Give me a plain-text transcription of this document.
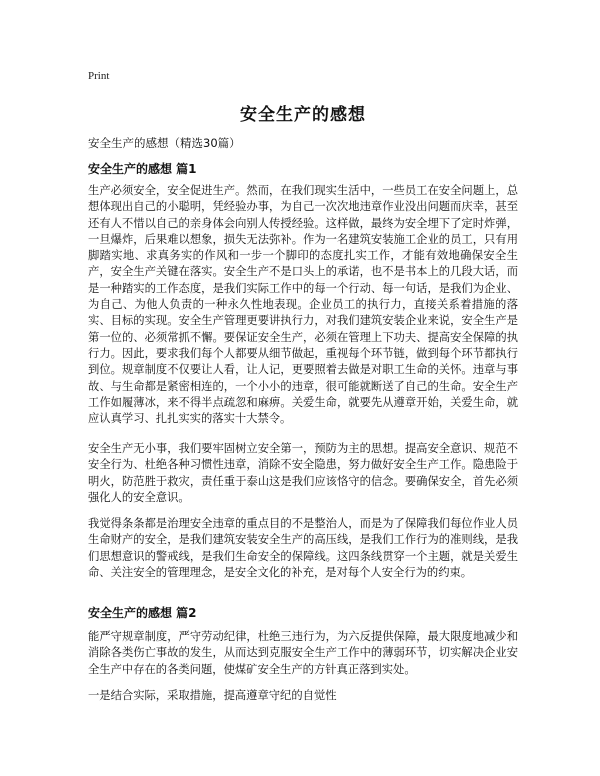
Print
安全生产的感想
安全生产的感想（精选30篇）
安全生产的感想 篇1
生产必须安全，安全促进生产。然而，在我们现实生活中，一些员工在安全问题上，总想体现出自己的小聪明，凭经验办事，为自己一次次地违章作业没出问题而庆幸，甚至还有人不惜以自己的亲身体会向别人传授经验。这样做，最终为安全埋下了定时炸弹，一旦爆炸，后果难以想象，损失无法弥补。作为一名建筑安装施工企业的员工，只有用脚踏实地、求真务实的作风和一步一个脚印的态度扎实工作，才能有效地确保安全生产，安全生产关键在落实。安全生产不是口头上的承诺，也不是书本上的几段大话，而是一种踏实的工作态度，是我们实际工作中的每一个行动、每一句话，是我们为企业、为自己、为他人负责的一种永久性地表现。企业员工的执行力，直接关系着措施的落实、目标的实现。安全生产管理更要讲执行力，对我们建筑安装企业来说，安全生产是第一位的、必须常抓不懈。要保证安全生产，必须在管理上下功夫、提高安全保障的执行力。因此，要求我们每个人都要从细节做起，重视每个环节链，做到每个环节都执行到位。规章制度不仅要让人看，让人记，更要照着去做是对职工生命的关怀。违章与事故、与生命都是紧密相连的，一个小小的违章，很可能就断送了自己的生命。安全生产工作如履薄冰，来不得半点疏忽和麻痹。关爱生命，就要先从遵章开始，关爱生命，就应认真学习、扎扎实实的落实十大禁令。
安全生产无小事，我们要牢固树立安全第一，预防为主的思想。提高安全意识、规范不安全行为、杜绝各种习惯性违章，消除不安全隐患，努力做好安全生产工作。隐患险于明火，防范胜于救灾，责任重于泰山这是我们应该恪守的信念。要确保安全，首先必须强化人的安全意识。
我觉得条条都是治理安全违章的重点目的不是整治人，而是为了保障我们每位作业人员生命财产的安全，是我们建筑安装安全生产的高压线，是我们工作行为的准则线，是我们思想意识的警戒线，是我们生命安全的保障线。这四条线贯穿一个主题，就是关爱生命、关注安全的管理理念，是安全文化的补充，是对每个人安全行为的约束。
安全生产的感想 篇2
能严守规章制度，严守劳动纪律，杜绝三违行为，为六反提供保障，最大限度地减少和消除各类伤亡事故的发生，从而达到克服安全生产工作中的薄弱环节，切实解决企业安全生产中存在的各类问题，使煤矿安全生产的方针真正落到实处。
一是结合实际，采取措施，提高遵章守纪的自觉性
